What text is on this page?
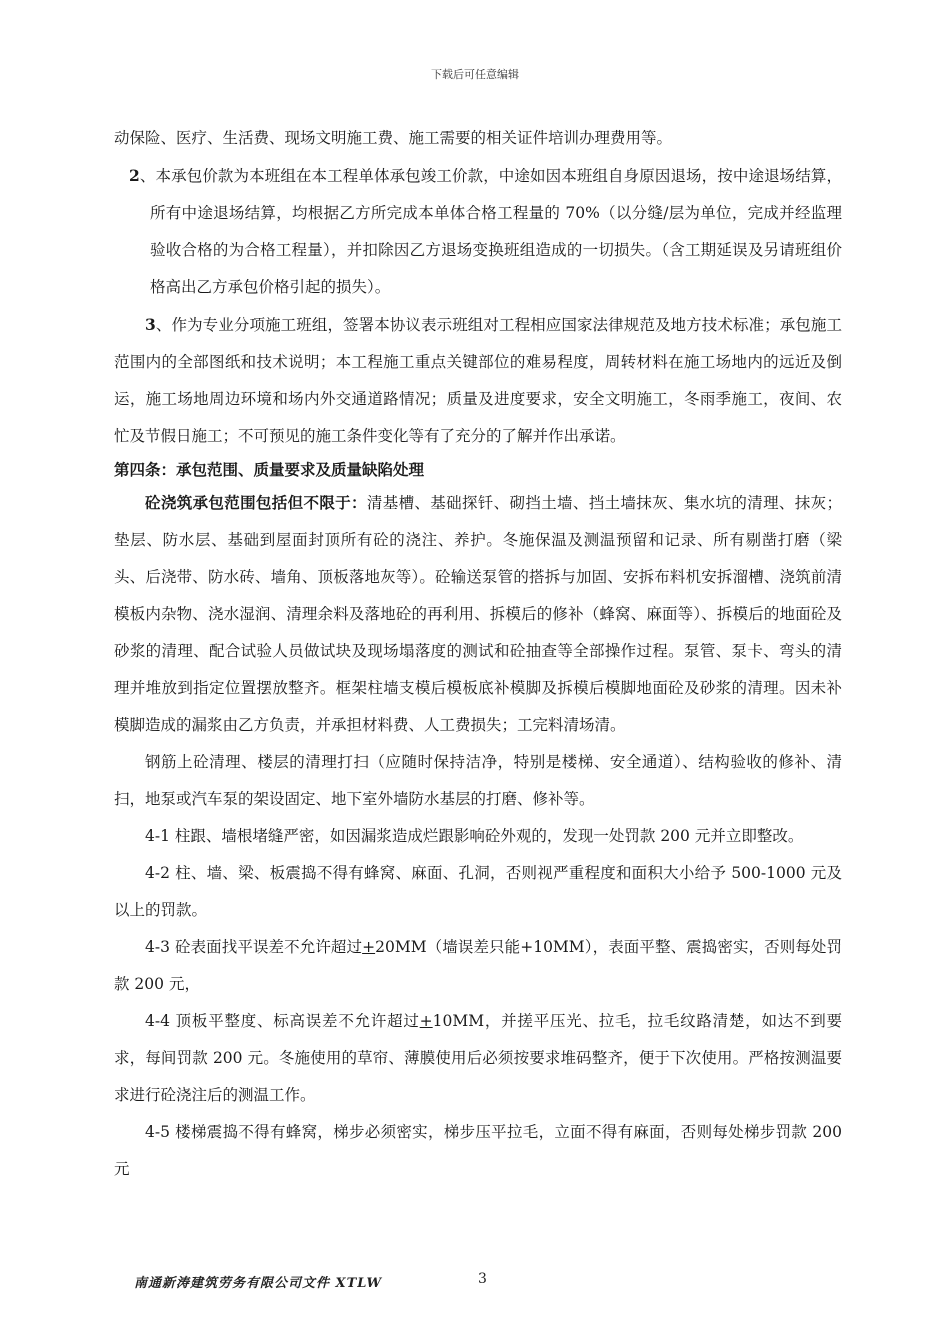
下载后可任意编辑

动保险、医疗、生活费、现场文明施工费、施工需要的相关证件培训办理费用等。

2、本承包价款为本班组在本工程单体承包竣工价款，中途如因本班组自身原因退场，按中途退场结算，所有中途退场结算，均根据乙方所完成本单体合格工程量的 70%（以分缝/层为单位，完成并经监理验收合格的为合格工程量），并扣除因乙方退场变换班组造成的一切损失。（含工期延误及另请班组价格高出乙方承包价格引起的损失）。

3、作为专业分项施工班组，签署本协议表示班组对工程相应国家法律规范及地方技术标准；承包施工范围内的全部图纸和技术说明；本工程施工重点关键部位的难易程度，周转材料在施工场地内的远近及倒运，施工场地周边环境和场内外交通道路情况；质量及进度要求，安全文明施工，冬雨季施工，夜间、农忙及节假日施工；不可预见的施工条件变化等有了充分的了解并作出承诺。

第四条：承包范围、质量要求及质量缺陷处理

砼浇筑承包范围包括但不限于：清基槽、基础探钎、砌挡土墙、挡土墙抹灰、集水坑的清理、抹灰；垫层、防水层、基础到屋面封顶所有砼的浇注、养护。冬施保温及测温预留和记录、所有剔凿打磨（梁头、后浇带、防水砖、墙角、顶板落地灰等）。砼输送泵管的搭拆与加固、安拆布料机安拆溜槽、浇筑前清模板内杂物、浇水湿润、清理余料及落地砼的再利用、拆模后的修补（蜂窝、麻面等）、拆模后的地面砼及砂浆的清理、配合试验人员做试块及现场塌落度的测试和砼抽查等全部操作过程。泵管、泵卡、弯头的清理并堆放到指定位置摆放整齐。框架柱墙支模后模板底补模脚及拆模后模脚地面砼及砂浆的清理。因未补模脚造成的漏浆由乙方负责，并承担材料费、人工费损失；工完料清场清。

钢筋上砼清理、楼层的清理打扫（应随时保持洁净，特别是楼梯、安全通道）、结构验收的修补、清扫，地泵或汽车泵的架设固定、地下室外墙防水基层的打磨、修补等。

4-1 柱跟、墙根堵缝严密，如因漏浆造成烂跟影响砼外观的，发现一处罚款 200 元并立即整改。

4-2 柱、墙、梁、板震捣不得有蜂窝、麻面、孔洞，否则视严重程度和面积大小给予 500-1000 元及以上的罚款。

4-3 砼表面找平误差不允许超过+20MM（墙误差只能+10MM），表面平整、震捣密实，否则每处罚款 200 元，

4-4 顶板平整度、标高误差不允许超过+10MM，并搓平压光、拉毛，拉毛纹路清楚，如达不到要求，每间罚款 200 元。冬施使用的草帘、薄膜使用后必须按要求堆码整齐，便于下次使用。严格按测温要求进行砼浇注后的测温工作。

4-5 楼梯震捣不得有蜂窝，梯步必须密实，梯步压平拉毛，立面不得有麻面，否则每处梯步罚款 200 元

南通新涛建筑劳务有限公司文件 XTLW	3
